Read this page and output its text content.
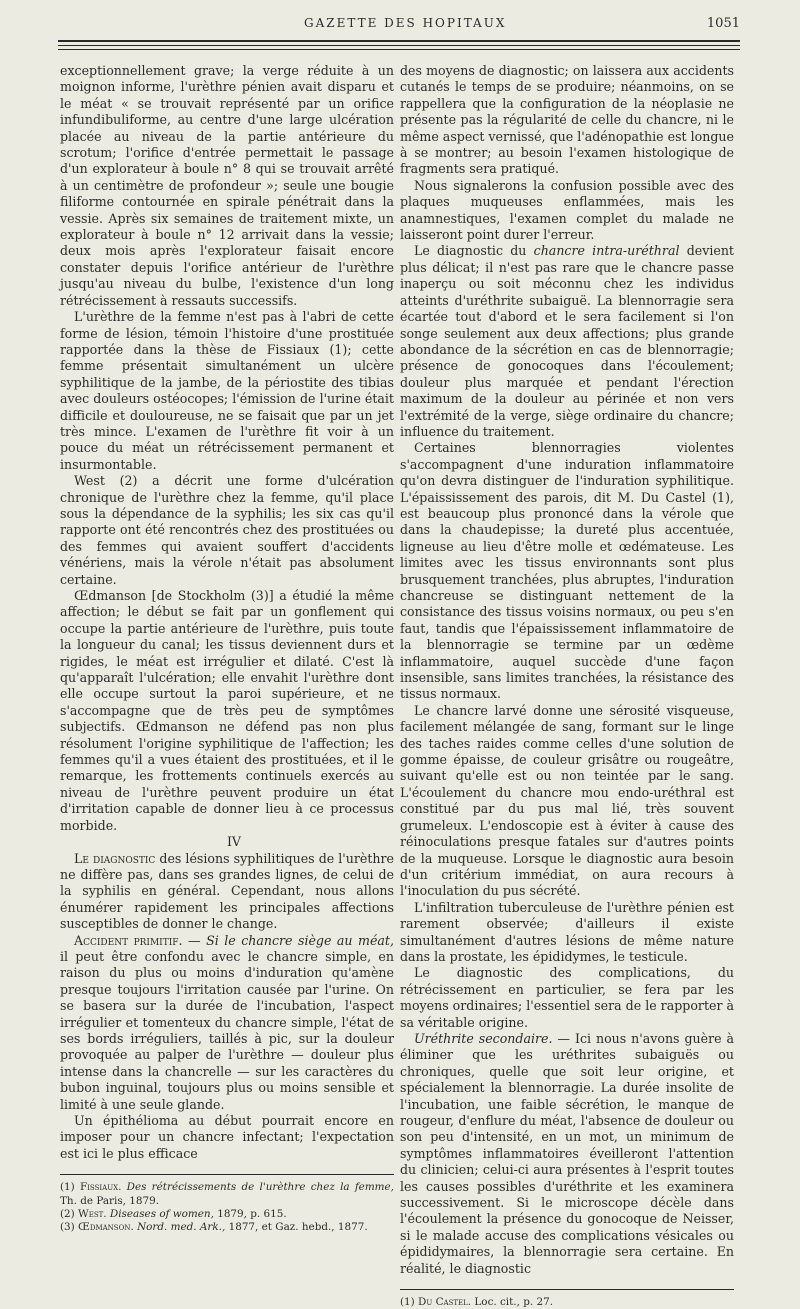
GAZETTE DES HOPITAUX	1051

exceptionnellement grave; la verge réduite à un moignon informe, l'urèthre pénien avait disparu et le méat « se trouvait représenté par un orifice infundibuliforme, au centre d'une large ulcération placée au niveau de la partie antérieure du scrotum; l'orifice d'entrée permettait le passage d'un explorateur à boule n° 8 qui se trouvait arrêté à un centimètre de profondeur »; seule une bougie filiforme contournée en spirale pénétrait dans la vessie. Après six semaines de traitement mixte, un explorateur à boule n° 12 arrivait dans la vessie; deux mois après l'explorateur faisait encore constater depuis l'orifice antérieur de l'urèthre jusqu'au niveau du bulbe, l'existence d'un long rétrécissement à ressauts successifs.

L'urèthre de la femme n'est pas à l'abri de cette forme de lésion, témoin l'histoire d'une prostituée rapportée dans la thèse de Fissiaux (1); cette femme présentait simultanément un ulcère syphilitique de la jambe, de la périostite des tibias avec douleurs ostéocopes; l'émission de l'urine était difficile et douloureuse, ne se faisait que par un jet très mince. L'examen de l'urèthre fit voir à un pouce du méat un rétrécissement permanent et insurmontable.

West (2) a décrit une forme d'ulcération chronique de l'urèthre chez la femme, qu'il place sous la dépendance de la syphilis; les six cas qu'il rapporte ont été rencontrés chez des prostituées ou des femmes qui avaient souffert d'accidents vénériens, mais la vérole n'était pas absolument certaine.

Œdmanson [de Stockholm (3)] a étudié la même affection; le début se fait par un gonflement qui occupe la partie antérieure de l'urèthre, puis toute la longueur du canal; les tissus deviennent durs et rigides, le méat est irrégulier et dilaté. C'est là qu'apparaît l'ulcération; elle envahit l'urèthre dont elle occupe surtout la paroi supérieure, et ne s'accompagne que de très peu de symptômes subjectifs. Œdmanson ne défend pas non plus résolument l'origine syphilitique de l'affection; les femmes qu'il a vues étaient des prostituées, et il le remarque, les frottements continuels exercés au niveau de l'urèthre peuvent produire un état d'irritation capable de donner lieu à ce processus morbide.

IV

Le diagnostic des lésions syphilitiques de l'urèthre ne diffère pas, dans ses grandes lignes, de celui de la syphilis en général. Cependant, nous allons énumérer rapidement les principales affections susceptibles de donner le change.

Accident primitif. — Si le chancre siège au méat, il peut être confondu avec le chancre simple, en raison du plus ou moins d'induration qu'amène presque toujours l'irritation causée par l'urine. On se basera sur la durée de l'incubation, l'aspect irrégulier et tomenteux du chancre simple, l'état de ses bords irréguliers, taillés à pic, sur la douleur provoquée au palper de l'urèthre — douleur plus intense dans la chancrelle — sur les caractères du bubon inguinal, toujours plus ou moins sensible et limité à une seule glande.

Un épithélioma au début pourrait encore en imposer pour un chancre infectant; l'expectation est ici le plus efficace

(1) Fissiaux. Des rétrécissements de l'urèthre chez la femme, Th. de Paris, 1879.

(2) West. Diseases of women, 1879, p. 615.

(3) Œdmanson. Nord. med. Ark., 1877, et Gaz. hebd., 1877.

des moyens de diagnostic; on laissera aux accidents cutanés le temps de se produire; néanmoins, on se rappellera que la configuration de la néoplasie ne présente pas la régularité de celle du chancre, ni le même aspect vernissé, que l'adénopathie est longue à se montrer; au besoin l'examen histologique de fragments sera pratiqué.

Nous signalerons la confusion possible avec des plaques muqueuses enflammées, mais les anamnestiques, l'examen complet du malade ne laisseront point durer l'erreur.

Le diagnostic du chancre intra-uréthral devient plus délicat; il n'est pas rare que le chancre passe inaperçu ou soit méconnu chez les individus atteints d'uréthrite subaiguë. La blennorragie sera écartée tout d'abord et le sera facilement si l'on songe seulement aux deux affections; plus grande abondance de la sécrétion en cas de blennorragie; présence de gonocoques dans l'écoulement; douleur plus marquée et pendant l'érection maximum de la douleur au périnée et non vers l'extrémité de la verge, siège ordinaire du chancre; influence du traitement.

Certaines blennorragies violentes s'accompagnent d'une induration inflammatoire qu'on devra distinguer de l'induration syphilitique. L'épaississement des parois, dit M. Du Castel (1), est beaucoup plus prononcé dans la vérole que dans la chaudepisse; la dureté plus accentuée, ligneuse au lieu d'être molle et œdémateuse. Les limites avec les tissus environnants sont plus brusquement tranchées, plus abruptes, l'induration chancreuse se distinguant nettement de la consistance des tissus voisins normaux, ou peu s'en faut, tandis que l'épaississement inflammatoire de la blennorragie se termine par un œdème inflammatoire, auquel succède d'une façon insensible, sans limites tranchées, la résistance des tissus normaux.

Le chancre larvé donne une sérosité visqueuse, facilement mélangée de sang, formant sur le linge des taches raides comme celles d'une solution de gomme épaisse, de couleur grisâtre ou rougeâtre, suivant qu'elle est ou non teintée par le sang. L'écoulement du chancre mou endo-uréthral est constitué par du pus mal lié, très souvent grumeleux. L'endoscopie est à éviter à cause des réinoculations presque fatales sur d'autres points de la muqueuse. Lorsque le diagnostic aura besoin d'un critérium immédiat, on aura recours à l'inoculation du pus sécrété.

L'infiltration tuberculeuse de l'urèthre pénien est rarement observée; d'ailleurs il existe simultanément d'autres lésions de même nature dans la prostate, les épididymes, le testicule.

Le diagnostic des complications, du rétrécissement en particulier, se fera par les moyens ordinaires; l'essentiel sera de le rapporter à sa véritable origine.

Uréthrite secondaire. — Ici nous n'avons guère à éliminer que les uréthrites subaiguës ou chroniques, quelle que soit leur origine, et spécialement la blennorragie. La durée insolite de l'incubation, une faible sécrétion, le manque de rougeur, d'enflure du méat, l'absence de douleur ou son peu d'intensité, en un mot, un minimum de symptômes inflammatoires éveilleront l'attention du clinicien; celui-ci aura présentes à l'esprit toutes les causes possibles d'uréthrite et les examinera successivement. Si le microscope décèle dans l'écoulement la présence du gonocoque de Neisser, si le malade accuse des complications vésicales ou épididymaires, la blennorragie sera certaine. En réalité, le diagnostic

(1) Du Castel. Loc. cit., p. 27.
